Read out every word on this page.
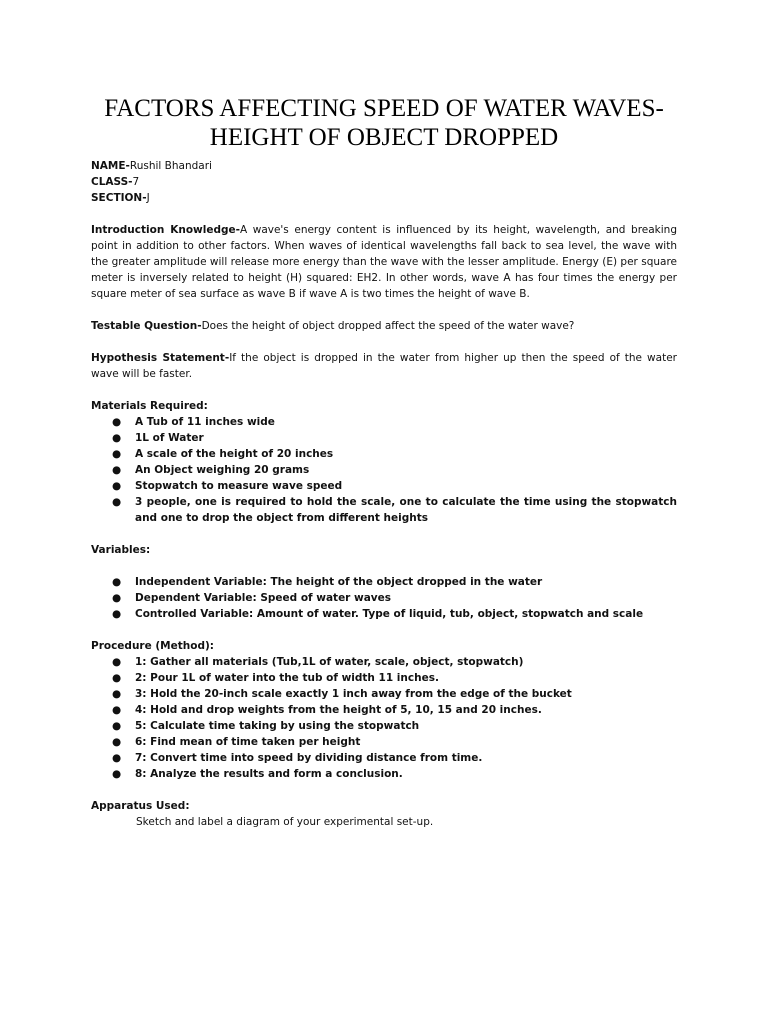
FACTORS AFFECTING SPEED OF WATER WAVES-
HEIGHT OF OBJECT DROPPED
NAME-Rushil Bhandari
CLASS-7
SECTION-J

Introduction Knowledge-A wave's energy content is influenced by its height, wavelength, and breaking point in addition to other factors. When waves of identical wavelengths fall back to sea level, the wave with the greater amplitude will release more energy than the wave with the lesser amplitude. Energy (E) per square meter is inversely related to height (H) squared: EH2. In other words, wave A has four times the energy per square meter of sea surface as wave B if wave A is two times the height of wave B.

Testable Question-Does the height of object dropped affect the speed of the water wave?

Hypothesis Statement-If the object is dropped in the water from higher up then the speed of the water wave will be faster.

Materials Required:
● A Tub of 11 inches wide
● 1L of Water
● A scale of the height of 20 inches
● An Object weighing 20 grams
● Stopwatch to measure wave speed
● 3 people, one is required to hold the scale, one to calculate the time using the stopwatch and one to drop the object from different heights
Variables:
● Independent Variable: The height of the object dropped in the water
● Dependent Variable: Speed of water waves
● Controlled Variable: Amount of water. Type of liquid, tub, object, stopwatch and scale
Procedure (Method):
● 1: Gather all materials (Tub,1L of water, scale, object, stopwatch)
● 2: Pour 1L of water into the tub of width 11 inches.
● 3: Hold the 20-inch scale exactly 1 inch away from the edge of the bucket
● 4: Hold and drop weights from the height of 5, 10, 15 and 20 inches.
● 5: Calculate time taking by using the stopwatch
● 6: Find mean of time taken per height
● 7: Convert time into speed by dividing distance from time.
● 8: Analyze the results and form a conclusion.
Apparatus Used:
Sketch and label a diagram of your experimental set-up.
